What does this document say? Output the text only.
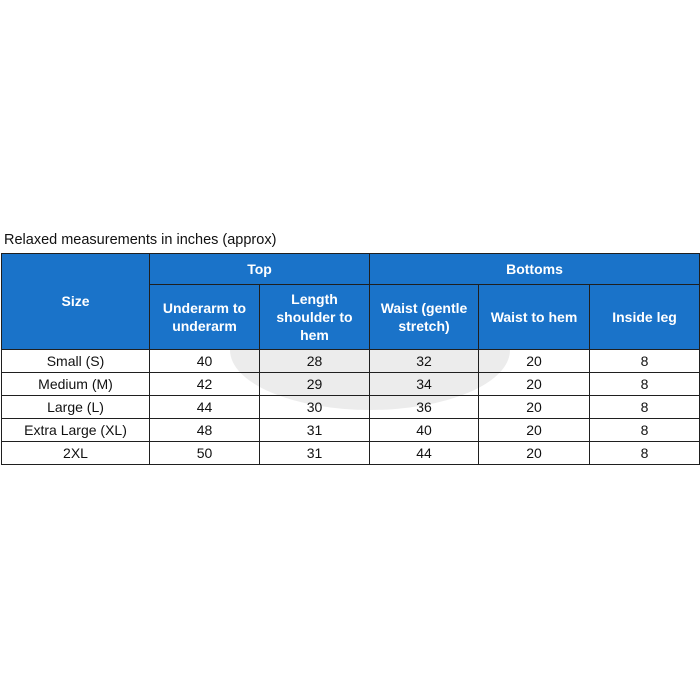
Relaxed measurements in inches (approx)
Size	Top		Bottoms		
	Underarm to underarm	Length shoulder to hem	Waist (gentle stretch)	Waist to hem	Inside leg
Small (S)	40	28	32	20	8
Medium (M)	42	29	34	20	8
Large (L)	44	30	36	20	8
Extra Large (XL)	48	31	40	20	8
2XL	50	31	44	20	8
